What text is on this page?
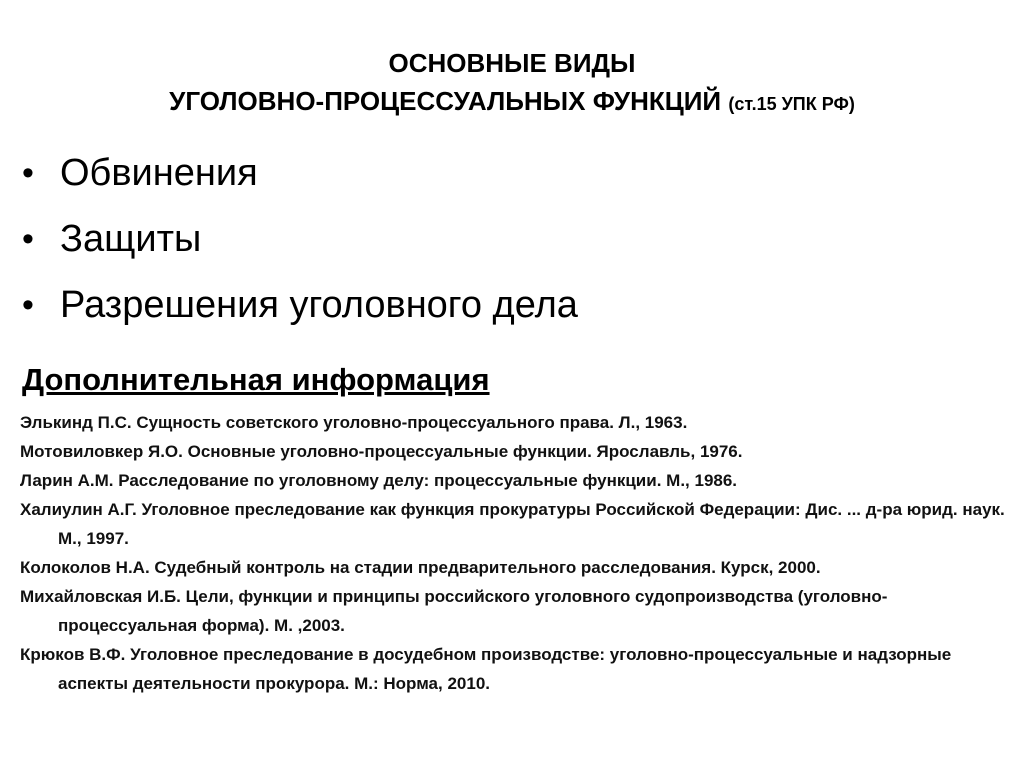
ОСНОВНЫЕ ВИДЫ
УГОЛОВНО-ПРОЦЕССУАЛЬНЫХ ФУНКЦИЙ (ст.15 УПК РФ)
• Обвинения
• Защиты
• Разрешения уголовного дела
Дополнительная информация
Элькинд П.С. Сущность советского уголовно-процессуального права. Л., 1963.
Мотовиловкер Я.О. Основные уголовно-процессуальные функции. Ярославль, 1976.
Ларин А.М. Расследование по уголовному делу: процессуальные функции. М., 1986.
Халиулин А.Г. Уголовное преследование как функция прокуратуры Российской Федерации: Дис. ... д-ра юрид. наук. М., 1997.
Колоколов Н.А. Судебный контроль на стадии предварительного расследования. Курск, 2000.
Михайловская И.Б. Цели, функции и принципы российского уголовного судопроизводства (уголовно-процессуальная форма). М. ,2003.
Крюков В.Ф. Уголовное преследование в досудебном производстве: уголовно-процессуальные и надзорные аспекты деятельности прокурора. М.: Норма, 2010.
